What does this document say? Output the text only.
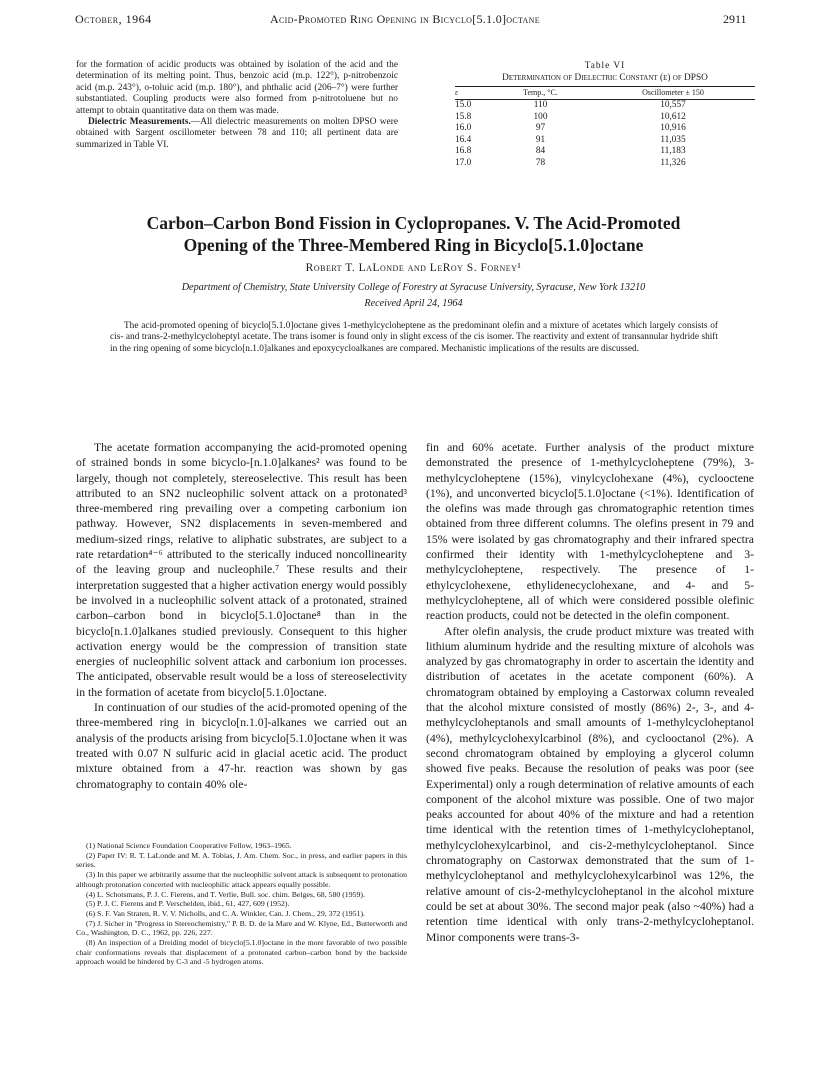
October, 1964	Acid-Promoted Ring Opening in Bicyclo[5.1.0]octane	2911

for the formation of acidic products was obtained by isolation of the acid and the determination of its melting point. Thus, benzoic acid (m.p. 122°), p-nitrobenzoic acid (m.p. 243°), o-toluic acid (m.p. 180°), and phthalic acid (206–7°) were further substantiated. Coupling products were also formed from p-nitrotoluene but no attempt to obtain quantitative data on them was made.

Dielectric Measurements.—All dielectric measurements on molten DPSO were obtained with Sargent oscillometer between 78 and 110; all pertinent data are summarized in Table VI.

Table VI
Determination of Dielectric Constant (ε) of DPSO
ε	Temp., °C.	Oscillometer ± 150
15.0	110	10,557
15.8	100	10,612
16.0	97	10,916
16.4	91	11,035
16.8	84	11,183
17.0	78	11,326
Carbon–Carbon Bond Fission in Cyclopropanes. V. The Acid-Promoted
Opening of the Three-Membered Ring in Bicyclo[5.1.0]octane
Robert T. LaLonde and LeRoy S. Forney¹
Department of Chemistry, State University College of Forestry at Syracuse University, Syracuse, New York 13210
Received April 24, 1964
The acid-promoted opening of bicyclo[5.1.0]octane gives 1-methylcycloheptene as the predominant olefin and a mixture of acetates which largely consists of cis- and trans-2-methylcycloheptyl acetate. The trans isomer is found only in slight excess of the cis isomer. The reactivity and extent of transannular hydride shift in the ring opening of some bicyclo[n.1.0]alkanes and epoxycycloalkanes are compared. Mechanistic implications of the results are discussed.

The acetate formation accompanying the acid-promoted opening of strained bonds in some bicyclo-[n.1.0]alkanes² was found to be largely, though not completely, stereoselective. This result has been attributed to an SN2 nucleophilic solvent attack on a protonated³ three-membered ring prevailing over a competing carbonium ion pathway. However, SN2 displacements in seven-membered and medium-sized rings, relative to aliphatic substrates, are subject to a rate retardation⁴⁻⁶ attributed to the sterically induced noncollinearity of the leaving group and nucleophile.⁷ These results and their interpretation suggested that a higher activation energy would possibly be involved in a nucleophilic solvent attack of a protonated, strained carbon–carbon bond in bicyclo[5.1.0]octane⁸ than in the bicyclo[n.1.0]alkanes studied previously. Consequent to this higher activation energy would be the compression of transition state energies of nucleophilic solvent attack and carbonium ion processes. The anticipated, observable result would be a loss of stereoselectivity in the formation of acetate from bicyclo[5.1.0]octane.

In continuation of our studies of the acid-promoted opening of the three-membered ring in bicyclo[n.1.0]-alkanes we carried out an analysis of the products arising from bicyclo[5.1.0]octane when it was treated with 0.07 N sulfuric acid in glacial acetic acid. The product mixture obtained from a 47-hr. reaction was shown by gas chromatography to contain 40% ole-

(1) National Science Foundation Cooperative Fellow, 1963–1965.

(2) Paper IV: R. T. LaLonde and M. A. Tobias, J. Am. Chem. Soc., in press, and earlier papers in this series.

(3) In this paper we arbitrarily assume that the nucleophilic solvent attack is subsequent to protonation although protonation concerted with nucleophilic attack appears equally possible.

(4) L. Schotsmans, P. J. C. Fierens, and T. Verlie, Bull. soc. chim. Belges, 68, 580 (1959).

(5) P. J. C. Fierens and P. Verschelden, ibid., 61, 427, 609 (1952).

(6) S. F. Van Straten, R. V. V. Nicholls, and C. A. Winkler, Can. J. Chem., 29, 372 (1951).

(7) J. Sicher in "Progress in Stereochemistry," P. B. D. de la Mare and W. Klyne, Ed., Butterworth and Co., Washington, D. C., 1962, pp. 226, 227.

(8) An inspection of a Dreiding model of bicyclo[5.1.0]octane in the more favorable of two possible chair conformations reveals that displacement of a protonated carbon–carbon bond by the backside approach would be hindered by C-3 and -5 hydrogen atoms.

fin and 60% acetate. Further analysis of the product mixture demonstrated the presence of 1-methylcycloheptene (79%), 3-methylcycloheptene (15%), vinylcyclohexane (4%), cyclooctene (1%), and unconverted bicyclo[5.1.0]octane (<1%). Identification of the olefins was made through gas chromatographic retention times obtained from three different columns. The olefins present in 79 and 15% were isolated by gas chromatography and their infrared spectra confirmed their identity with 1-methylcycloheptene and 3-methylcycloheptene, respectively. The presence of 1-ethylcyclohexene, ethylidenecyclohexane, and 4- and 5-methylcycloheptene, all of which were considered possible olefinic reaction products, could not be detected in the olefin component.

After olefin analysis, the crude product mixture was treated with lithium aluminum hydride and the resulting mixture of alcohols was analyzed by gas chromatography in order to ascertain the identity and distribution of acetates in the acetate component (60%). A chromatogram obtained by employing a Castorwax column revealed that the alcohol mixture consisted of mostly (86%) 2-, 3-, and 4-methylcycloheptanols and small amounts of 1-methylcycloheptanol (4%), methylcyclohexylcarbinol (8%), and cyclooctanol (2%). A second chromatogram obtained by employing a glycerol column showed five peaks. Because the resolution of peaks was poor (see Experimental) only a rough determination of relative amounts of each component of the alcohol mixture was possible. One of two major peaks accounted for about 40% of the mixture and had a retention time identical with the retention times of 1-methylcycloheptanol, methylcyclohexylcarbinol, and cis-2-methylcycloheptanol. Since chromatography on Castorwax demonstrated that the sum of 1-methylcycloheptanol and methylcyclohexylcarbinol was 12%, the relative amount of cis-2-methylcycloheptanol in the alcohol mixture could be set at about 30%. The second major peak (also ~40%) had a retention time identical with only trans-2-methylcycloheptanol. Minor components were trans-3-
